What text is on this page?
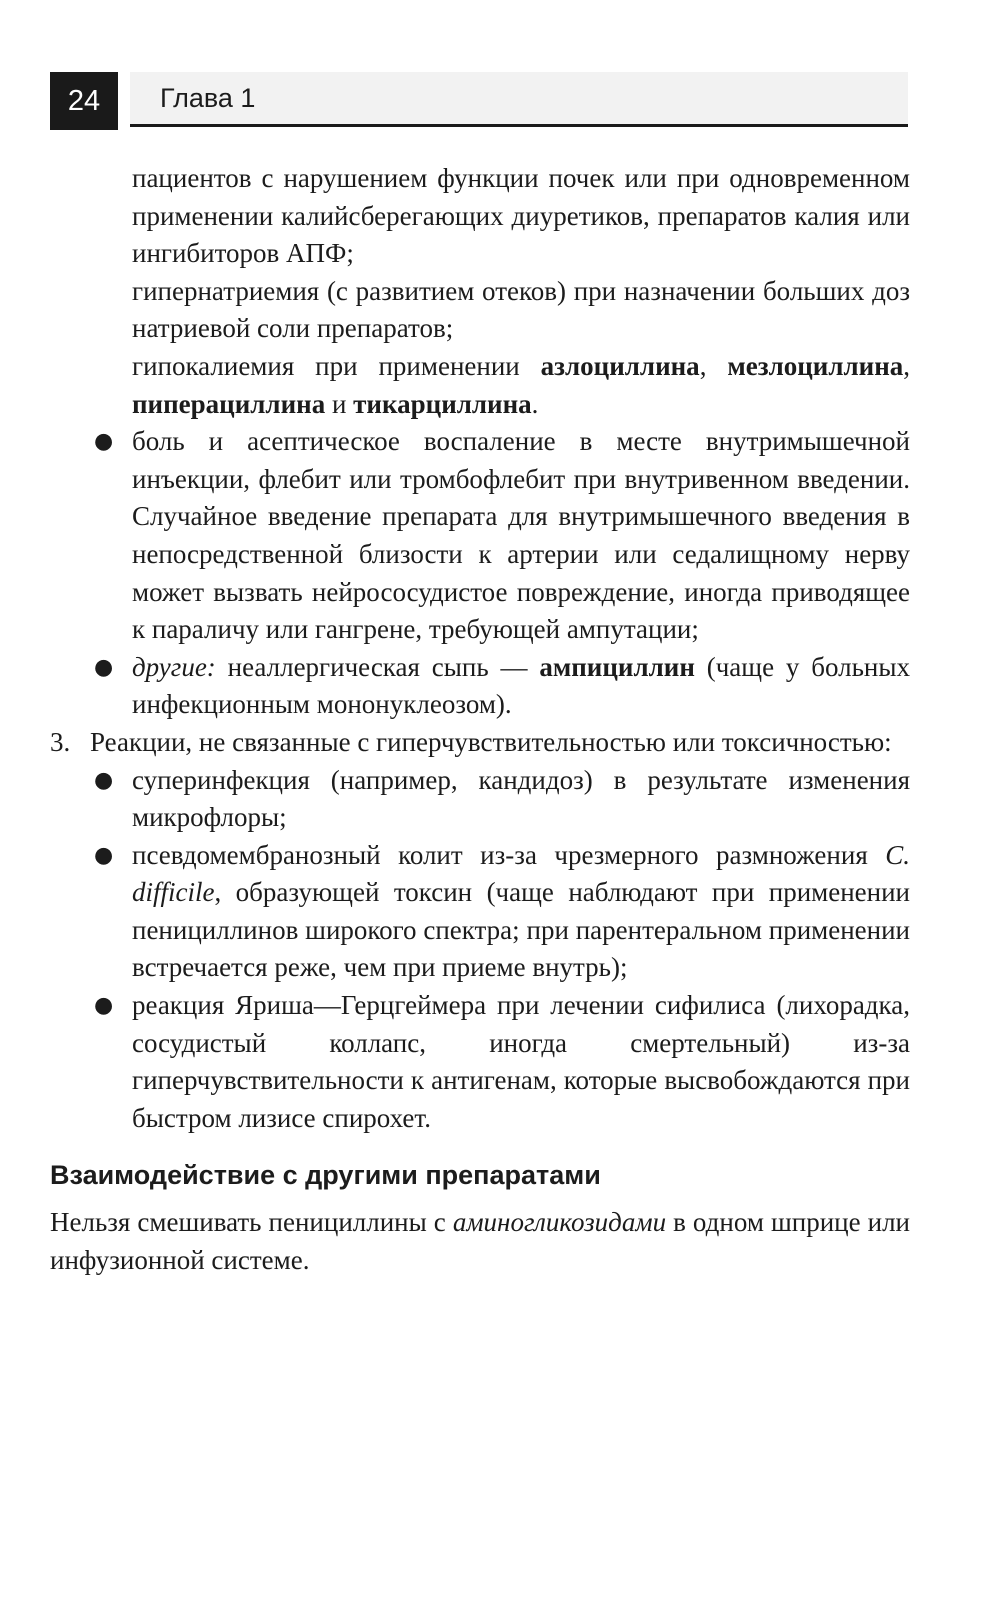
24	Глава 1

пациентов с нарушением функции почек или при одновременном применении калийсберегающих диуретиков, препаратов калия или ингибиторов АПФ;

гипернатриемия (с развитием отеков) при назначении больших доз натриевой соли препаратов;

гипокалиемия при применении азлоциллина, мезлоциллина, пиперациллина и тикарциллина.

● боль и асептическое воспаление в месте внутримышечной инъекции, флебит или тромбофлебит при внутривенном введении. Случайное введение препарата для внутримышечного введения в непосредственной близости к артерии или седалищному нерву может вызвать нейрососудистое повреждение, иногда приводящее к параличу или гангрене, требующей ампутации;

● другие: неаллергическая сыпь — ампициллин (чаще у больных инфекционным мононуклеозом).

3. Реакции, не связанные с гиперчувствительностью или токсичностью:

● суперинфекция (например, кандидоз) в результате изменения микрофлоры;

● псевдомембранозный колит из-за чрезмерного размножения C. difficile, образующей токсин (чаще наблюдают при применении пенициллинов широкого спектра; при парентеральном применении встречается реже, чем при приеме внутрь);

● реакция Яриша—Герцгеймера при лечении сифилиса (лихорадка, сосудистый коллапс, иногда смертельный) из-за гиперчувствительности к антигенам, которые высвобождаются при быстром лизисе спирохет.

Взаимодействие с другими препаратами

Нельзя смешивать пенициллины с аминогликозидами в одном шприце или инфузионной системе.
